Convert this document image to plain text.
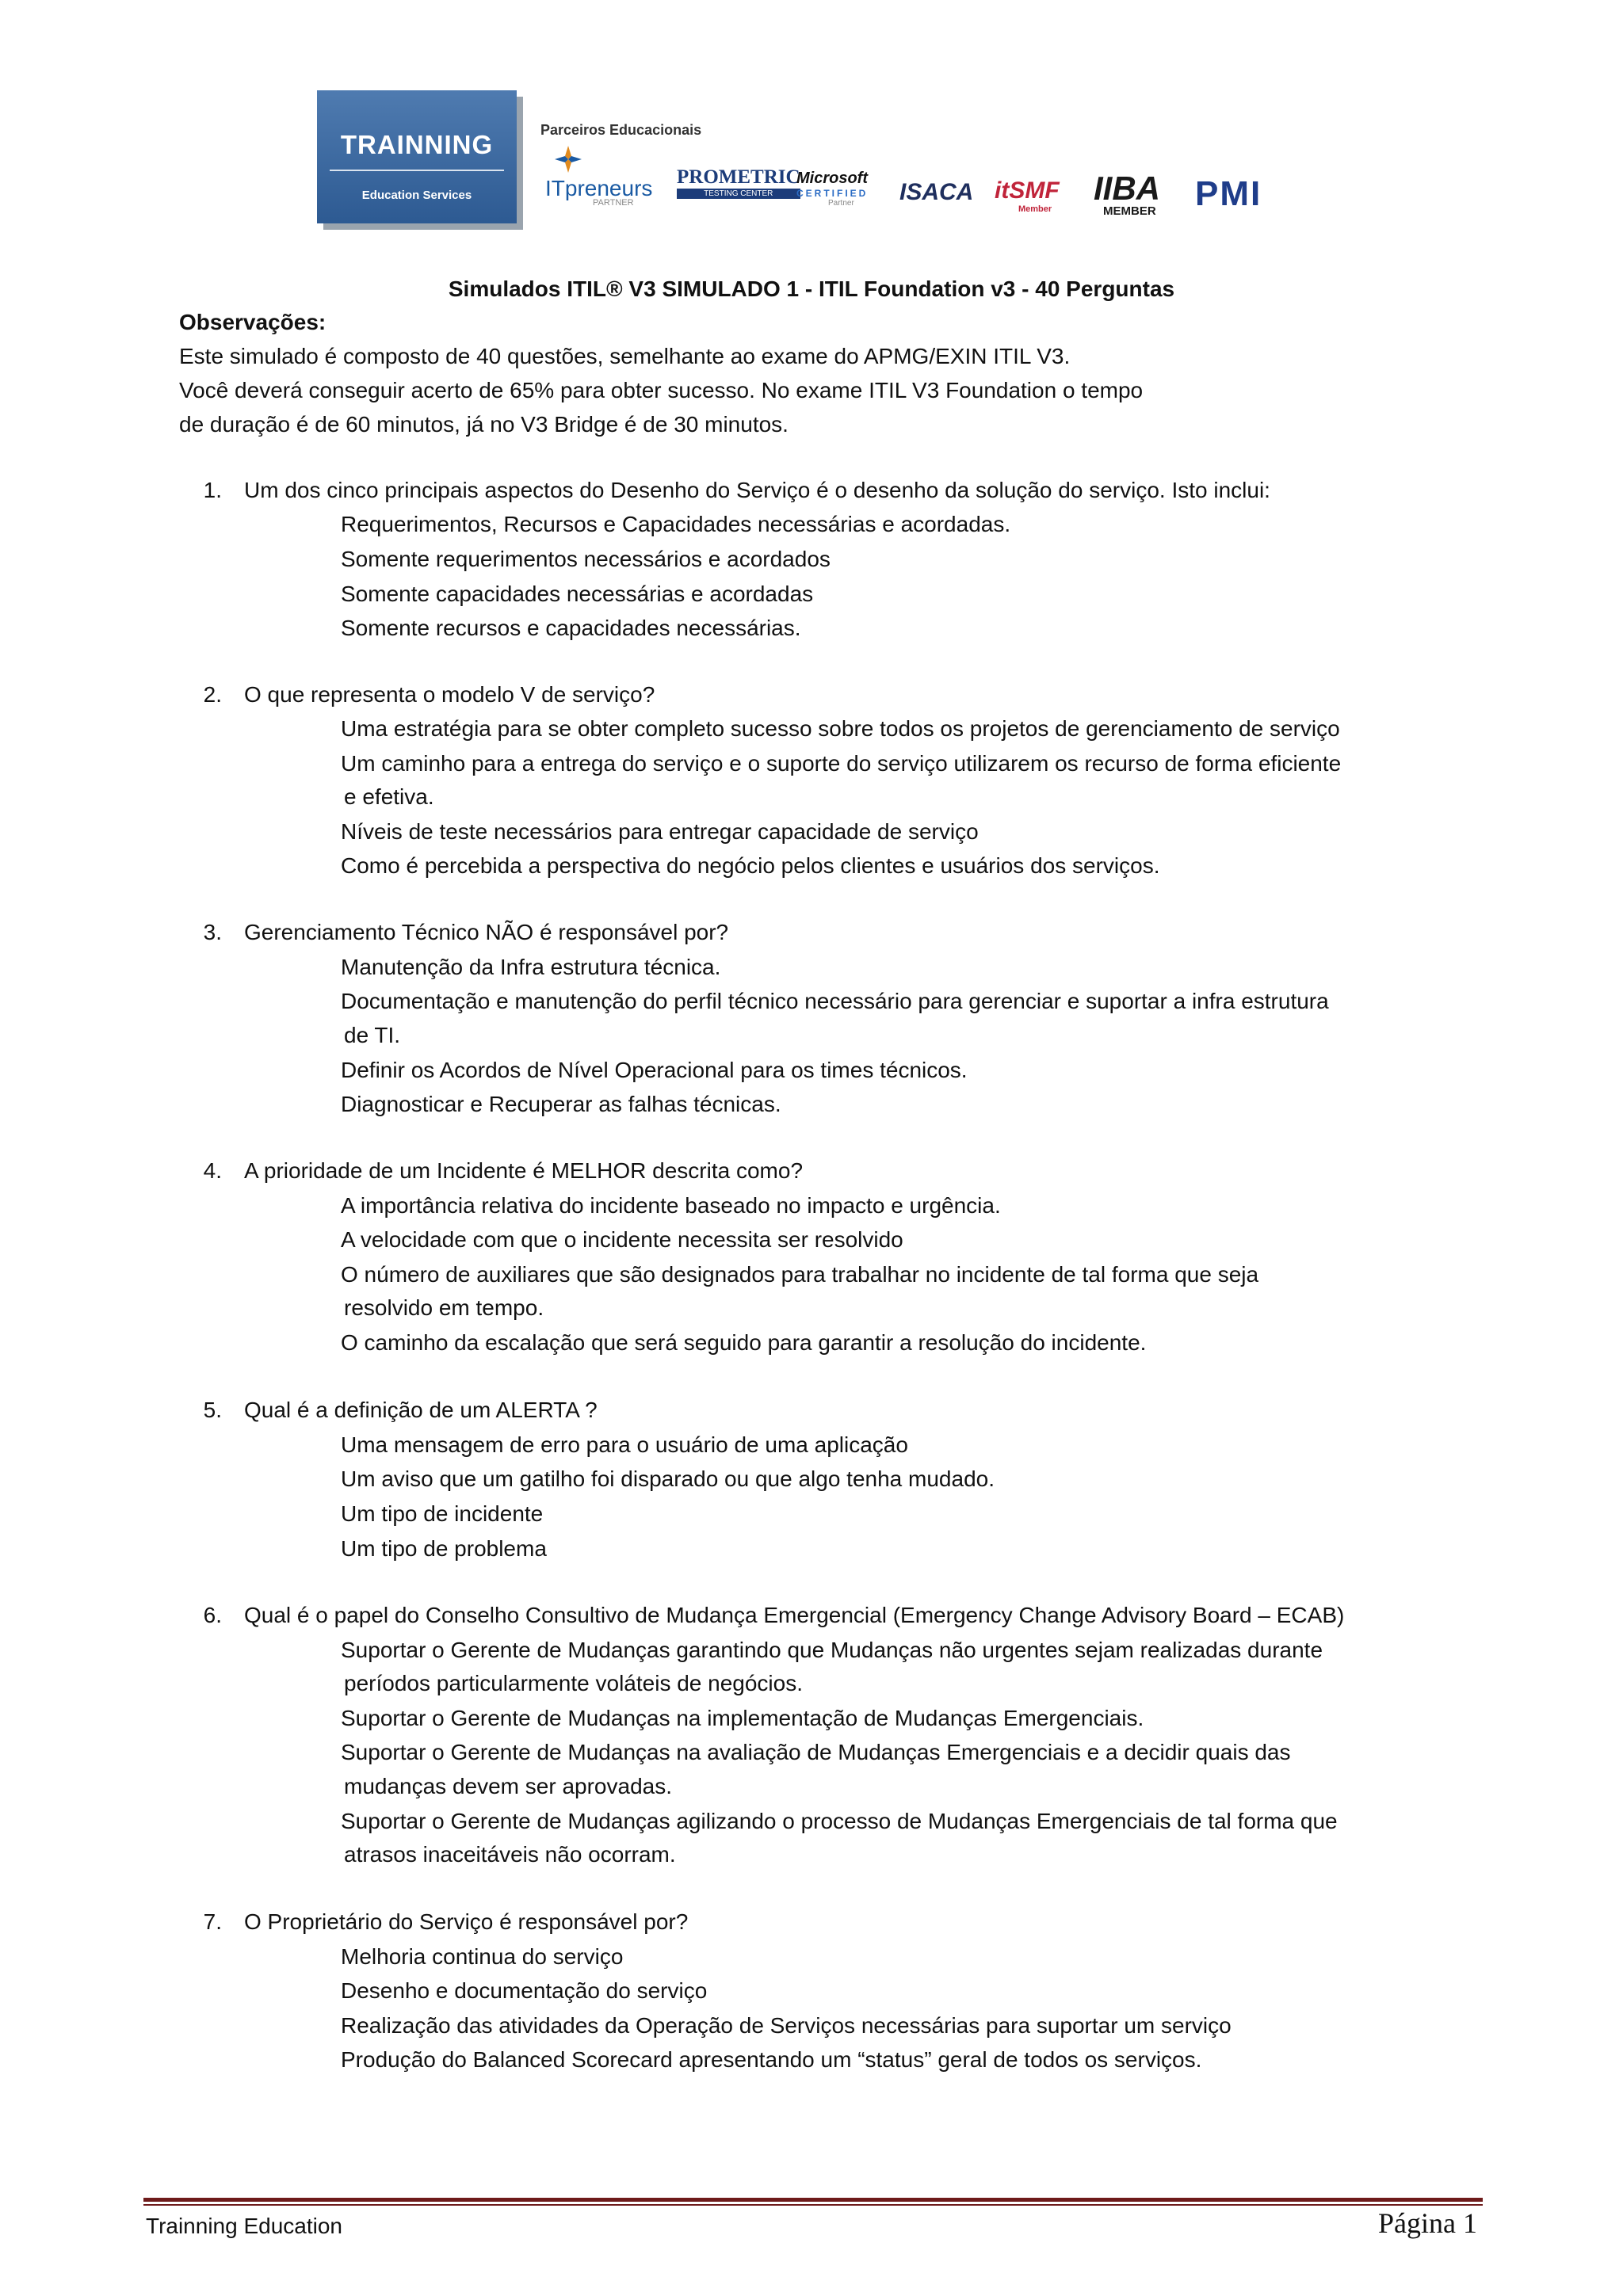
TRAINNING
Education Services
Parceiros Educacionais
ITpreneurs
PARTNER
PROMETRIC
TESTING CENTER
Microsoft
CERTIFIED
Partner	ISACA itSMF
Member
IIBA
MEMBER PMI
Simulados ITIL® V3 SIMULADO 1 - ITIL Foundation v3 - 40 Perguntas
Observações:
Este simulado é composto de 40 questões, semelhante ao exame do APMG/EXIN ITIL V3.
Você deverá conseguir acerto de 65% para obter sucesso. No exame ITIL V3 Foundation o tempo
de duração é de 60 minutos, já no V3 Bridge é de 30 minutos.
1. Um dos cinco principais aspectos do Desenho do Serviço é o desenho da solução do serviço. Isto inclui:
Requerimentos, Recursos e Capacidades necessárias e acordadas.
Somente requerimentos necessários e acordados
Somente capacidades necessárias e acordadas
Somente recursos e capacidades necessárias.
2. O que representa o modelo V de serviço?
Uma estratégia para se obter completo sucesso sobre todos os projetos de gerenciamento de serviço
Um caminho para a entrega do serviço e o suporte do serviço utilizarem os recurso de forma eficiente
e efetiva.
Níveis de teste necessários para entregar capacidade de serviço
Como é percebida a perspectiva do negócio pelos clientes e usuários dos serviços.
3. Gerenciamento Técnico NÃO é responsável por?
Manutenção da Infra estrutura técnica.
Documentação e manutenção do perfil técnico necessário para gerenciar e suportar a infra estrutura
de TI.
Definir os Acordos de Nível Operacional para os times técnicos.
Diagnosticar e Recuperar as falhas técnicas.
4. A prioridade de um Incidente é MELHOR descrita como?
A importância relativa do incidente baseado no impacto e urgência.
A velocidade com que o incidente necessita ser resolvido
O número de auxiliares que são designados para trabalhar no incidente de tal forma que seja
resolvido em tempo.
O caminho da escalação que será seguido para garantir a resolução do incidente.
5. Qual é a definição de um ALERTA ?
Uma mensagem de erro para o usuário de uma aplicação
Um aviso que um gatilho foi disparado ou que algo tenha mudado.
Um tipo de incidente
Um tipo de problema
6. Qual é o papel do Conselho Consultivo de Mudança Emergencial (Emergency Change Advisory Board – ECAB)
Suportar o Gerente de Mudanças garantindo que Mudanças não urgentes sejam realizadas durante
períodos particularmente voláteis de negócios.
Suportar o Gerente de Mudanças na implementação de Mudanças Emergenciais.
Suportar o Gerente de Mudanças na avaliação de Mudanças Emergenciais e a decidir quais das
mudanças devem ser aprovadas.
Suportar o Gerente de Mudanças agilizando o processo de Mudanças Emergenciais de tal forma que
atrasos inaceitáveis não ocorram.
7. O Proprietário do Serviço é responsável por?
Melhoria continua do serviço
Desenho e documentação do serviço
Realização das atividades da Operação de Serviços necessárias para suportar um serviço
Produção do Balanced Scorecard apresentando um “status” geral de todos os serviços.
Trainning Education	Página 1
